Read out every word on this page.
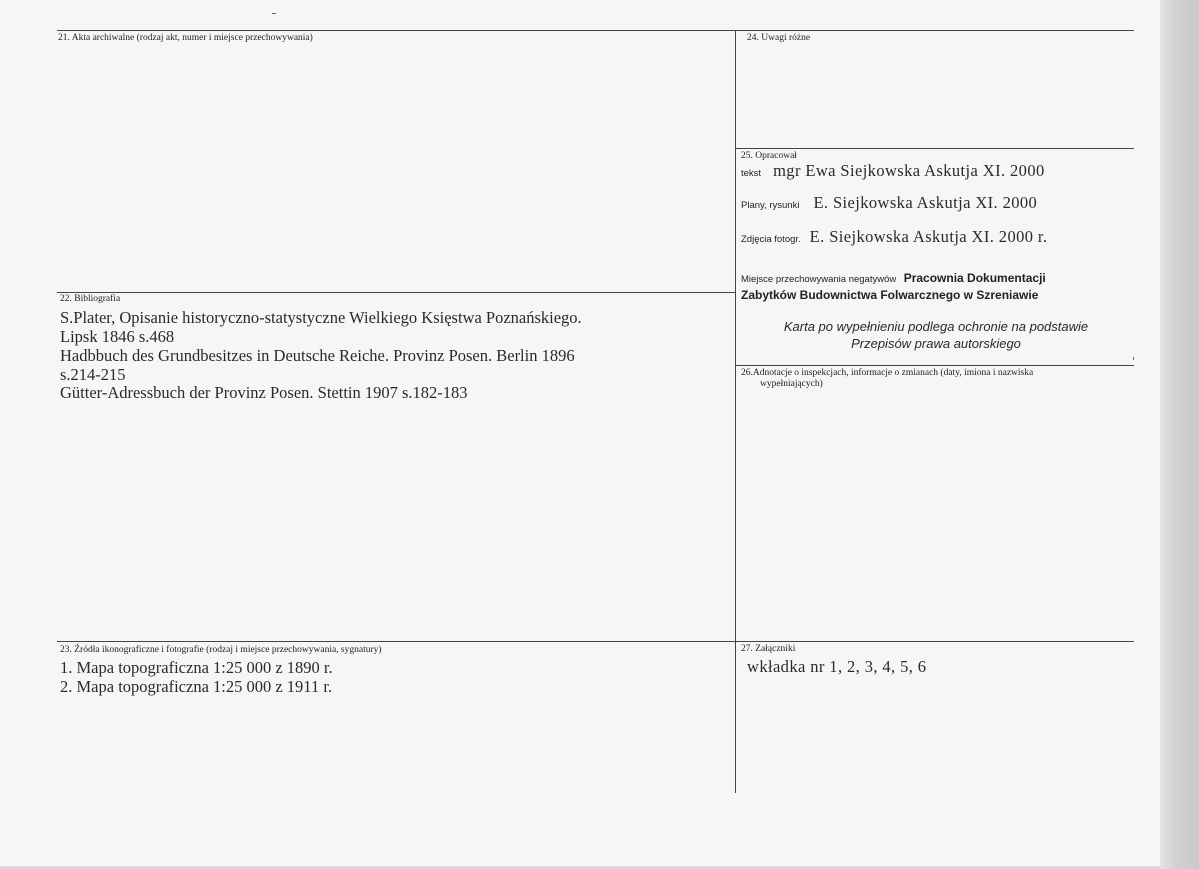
21. Akta archiwalne (rodzaj akt, numer i miejsce przechowywania)
22. Bibliografia
S.Plater, Opisanie historyczno-statystyczne Wielkiego Księstwa Poznańskiego.
Lipsk 1846 s.468
Hadbbuch des Grundbesitzes in Deutsche Reiche. Provinz Posen. Berlin 1896
s.214-215
Gütter-Adressbuch der Provinz Posen. Stettin 1907 s.182-183
23. Źródła ikonograficzne i fotografie (rodzaj i miejsce przechowywania, sygnatury)
1. Mapa topograficzna 1:25 000 z 1890 r.
2. Mapa topograficzna 1:25 000 z 1911 r.
24. Uwagi różne
25. Opracował
tekst mgr Ewa Siejkowska Askutja XI. 2000
Plany, rysunki E. Siejkowska Askutja XI. 2000
Zdjęcia fotogr. E. Siejkowska Askutja XI. 2000 r.
Miejsce przechowywania negatywów Pracownia Dokumentacji
Zabytków Budownictwa Folwarcznego w Szreniawie
Karta po wypełnieniu podlega ochronie na podstawie
Przepisów prawa autorskiego
26.Adnotacje o inspekcjach, informacje o zmianach (daty, imiona i nazwiska
wypełniających)
27. Załączniki
wkładka nr 1, 2, 3, 4, 5, 6
